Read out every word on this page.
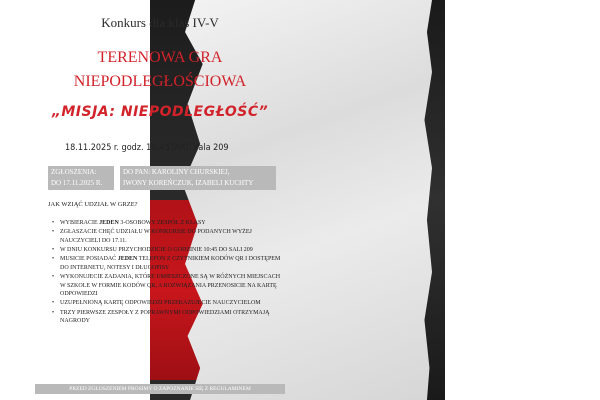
Konkurs dla klas IV-V
TERENOWA GRA
NIEPODLEGŁOŚCIOWA
„MISJA: NIEPODLEGŁOŚĆ”
18.11.2025 r. godz. 10:45
START: sala 209
ZGŁOSZENIA:
DO 17.11.2025 R.
DO PAN: KAROLINY CHURSKIEJ,
IWONY KOREŃCZUK, IZABELI KUCHTY
JAK WZIĄĆ UDZIAŁ W GRZE?
• WYBIERACIE JEDEN 3-OSOBOWY ZESPÓŁ Z KLASY
• ZGŁASZACIE CHĘĆ UDZIAŁU W KONKURSIE DO PODANYCH WYŻEJ NAUCZYCIELI DO 17.11.
• W DNIU KONKURSU PRZYCHODZICIE O GODZINIE 10:45 DO SALI 209
• MUSICIE POSIADAĆ JEDEN TELEFON Z CZYTNIKIEM KODÓW QR I DOSTĘPEM DO INTERNETU, NOTESY I DŁUGOPISY
• WYKONUJECIE ZADANIA, KTÓRE UMIESZCZONE SĄ W RÓŻNYCH MIEJSCACH W SZKOLE W FORMIE KODÓW QR, A ROZWIĄZANIA PRZENOSICIE NA KARTĘ ODPOWIEDZI
• UZUPEŁNIONĄ KARTĘ ODPOWIEDZI PRZEKAZUJECIE NAUCZYCIELOM
• TRZY PIERWSZE ZESPOŁY Z POPRAWNYMI ODPOWIEDZIAMI OTRZYMAJĄ NAGRODY
PRZED ZGŁOSZENIEM PROSIMY O ZAPOZNANIE SIĘ Z REGULAMINEM
